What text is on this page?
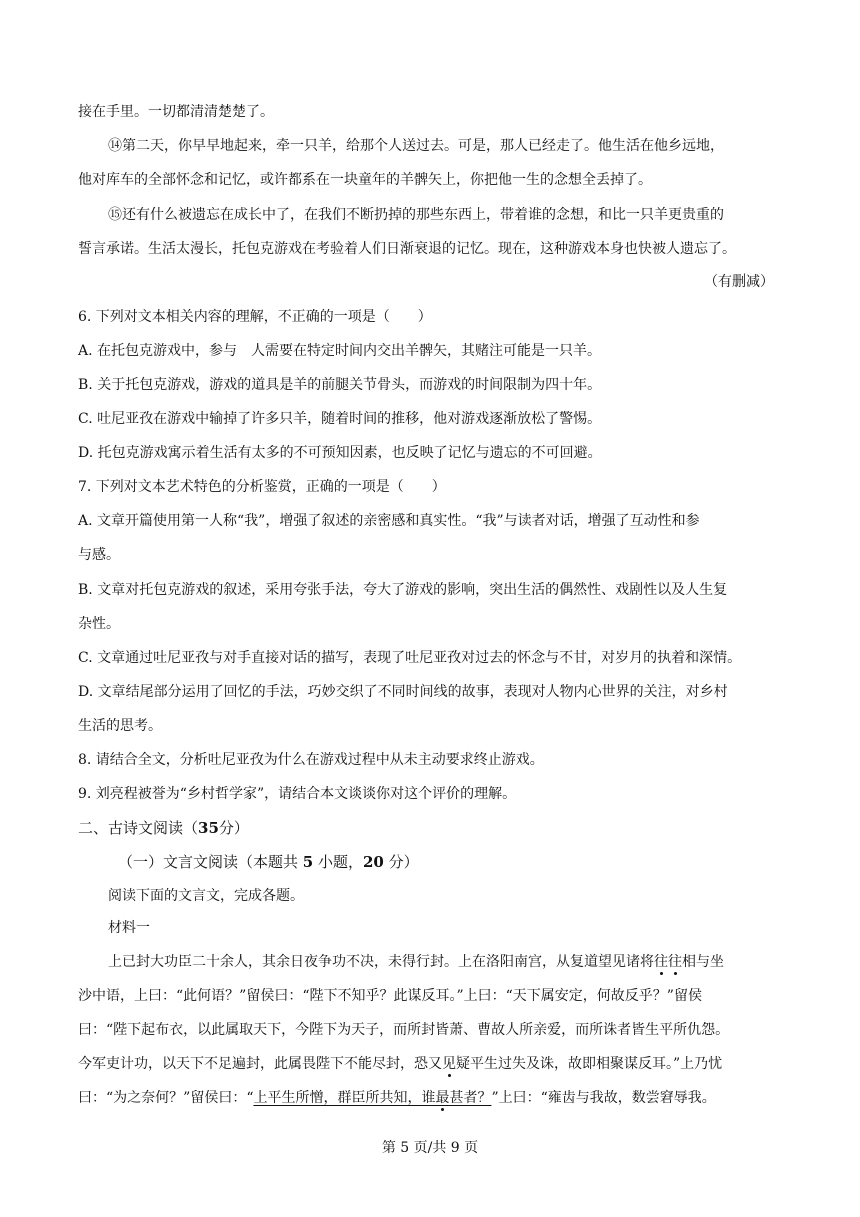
接在手里。一切都清清楚楚了。
⑭第二天，你早早地起来，牵一只羊，给那个人送过去。可是，那人已经走了。他生活在他乡远地，
他对库车的全部怀念和记忆，或许都系在一块童年的羊髀矢上，你把他一生的念想全丢掉了。
⑮还有什么被遗忘在成长中了，在我们不断扔掉的那些东西上，带着谁的念想，和比一只羊更贵重的
誓言承诺。生活太漫长，托包克游戏在考验着人们日渐衰退的记忆。现在，这种游戏本身也快被人遗忘了。
（有删减）
6. 下列对文本相关内容的理解，不正确的一项是（　　）
A. 在托包克游戏中，参与　人需要在特定时间内交出羊髀矢，其赌注可能是一只羊。
B. 关于托包克游戏，游戏的道具是羊的前腿关节骨头，而游戏的时间限制为四十年。
C. 吐尼亚孜在游戏中输掉了许多只羊，随着时间的推移，他对游戏逐渐放松了警惕。
D. 托包克游戏寓示着生活有太多的不可预知因素，也反映了记忆与遗忘的不可回避。
7. 下列对文本艺术特色的分析鉴赏，正确的一项是（　　）
A. 文章开篇使用第一人称“我”，增强了叙述的亲密感和真实性。“我”与读者对话，增强了互动性和参
与感。
B. 文章对托包克游戏的叙述，采用夸张手法，夸大了游戏的影响，突出生活的偶然性、戏剧性以及人生复
杂性。
C. 文章通过吐尼亚孜与对手直接对话的描写，表现了吐尼亚孜对过去的怀念与不甘，对岁月的执着和深情。
D. 文章结尾部分运用了回忆的手法，巧妙交织了不同时间线的故事，表现对人物内心世界的关注，对乡村
生活的思考。
8. 请结合全文，分析吐尼亚孜为什么在游戏过程中从未主动要求终止游戏。
9. 刘亮程被誉为“乡村哲学家”，请结合本文谈谈你对这个评价的理解。
二、古诗文阅读（35分）
（一）文言文阅读（本题共 5 小题，20 分）
阅读下面的文言文，完成各题。
材料一
上已封大功臣二十余人，其余日夜争功不决，未得行封。上在洛阳南宫，从复道望见诸将往往相与坐
沙中语，上曰：“此何语？”留侯曰：“陛下不知乎？此谋反耳。”上曰：“天下属安定，何故反乎？”留侯
曰：“陛下起布衣，以此属取天下，今陛下为天子，而所封皆萧、曹故人所亲爱，而所诛者皆生平所仇怨。
今军吏计功，以天下不足遍封，此属畏陛下不能尽封，恐又见疑平生过失及诛，故即相聚谋反耳。”上乃忧
曰：“为之奈何？”留侯曰：“上平生所憎，群臣所共知，谁最甚者？”上曰：“雍齿与我故，数尝窘辱我。
第 5 页/共 9 页
